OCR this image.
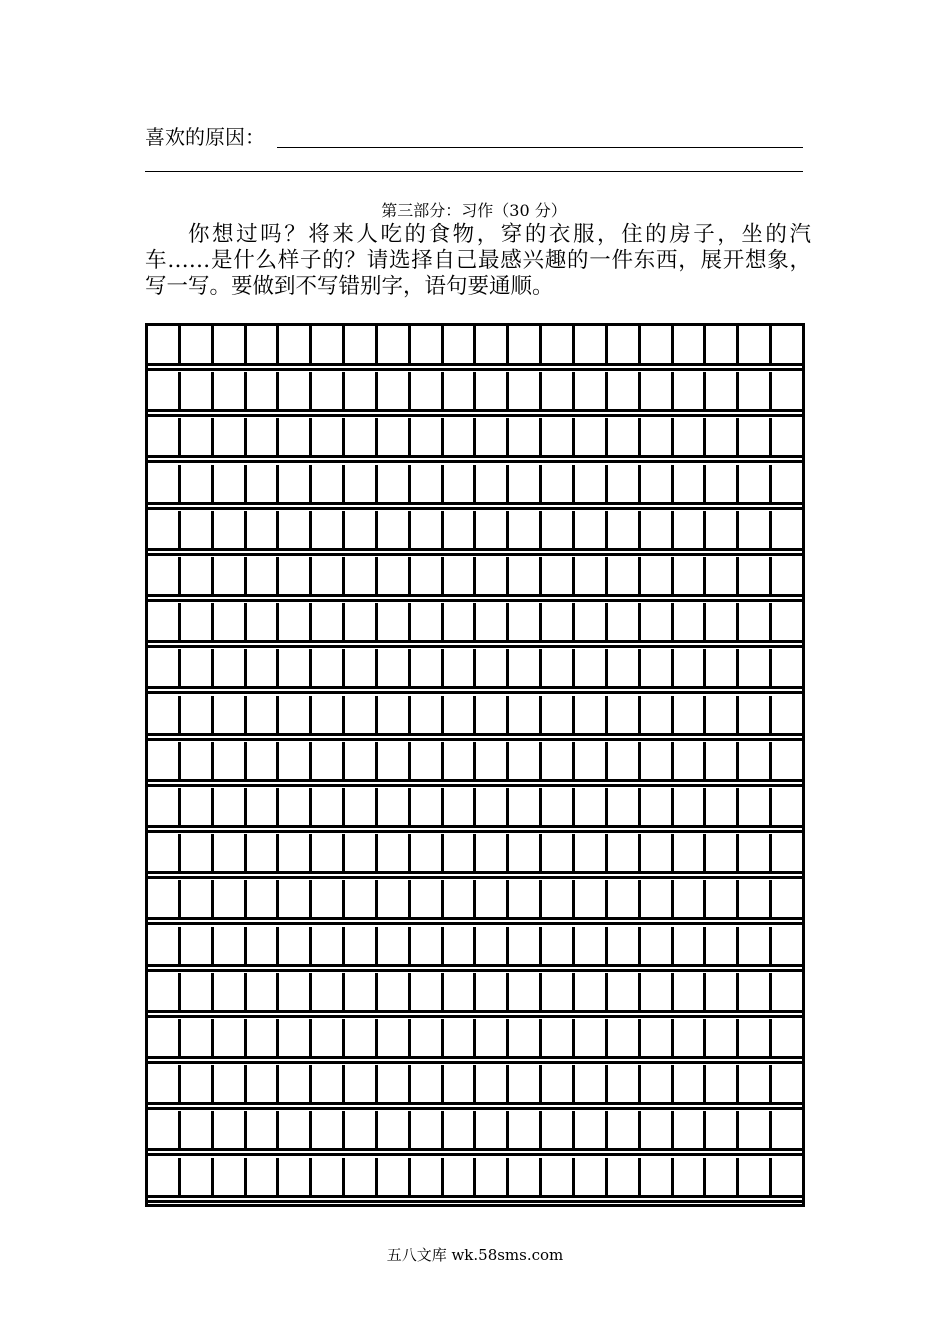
喜欢的原因：
第三部分：习作（30 分）

你想过吗？将来人吃的食物，穿的衣服，住的房子，坐的汽车……是什么样子的？请选择自己最感兴趣的一件东西，展开想象，写一写。要做到不写错别字，语句要通顺。

五八文库 wk.58sms.com
